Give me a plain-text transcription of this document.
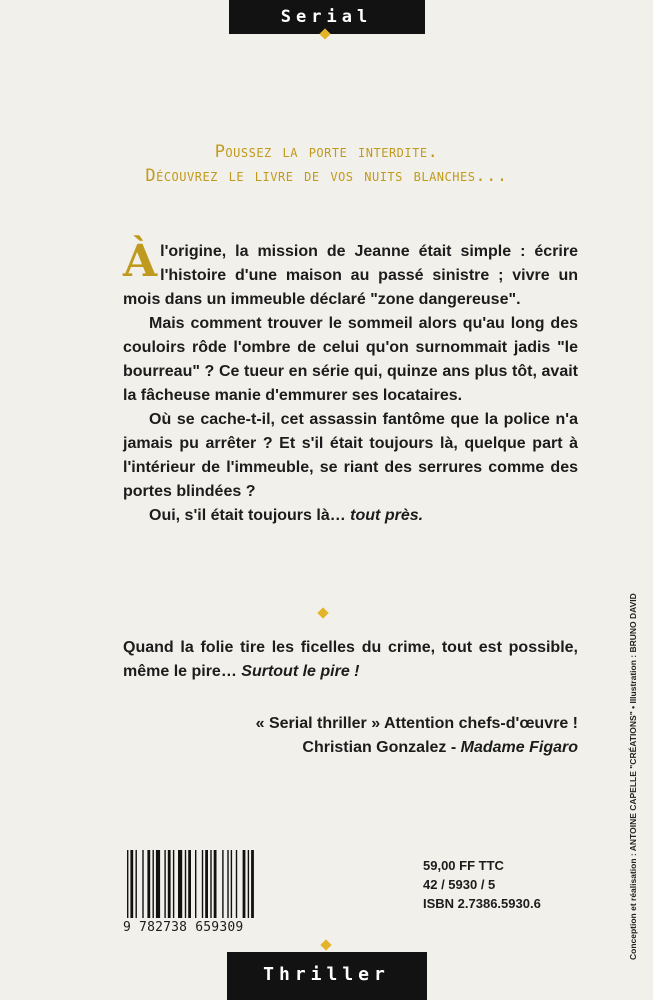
Serial
Poussez la porte interdite.
Découvrez le livre de vos nuits blanches...

À l'origine, la mission de Jeanne était simple : écrire l'histoire d'une maison au passé sinistre ; vivre un mois dans un immeuble déclaré "zone dangereuse".

Mais comment trouver le sommeil alors qu'au long des couloirs rôde l'ombre de celui qu'on surnommait jadis "le bourreau" ? Ce tueur en série qui, quinze ans plus tôt, avait la fâcheuse manie d'emmurer ses locataires.

Où se cache-t-il, cet assassin fantôme que la police n'a jamais pu arrêter ? Et s'il était toujours là, quelque part à l'intérieur de l'immeuble, se riant des serrures comme des portes blindées ?

Oui, s'il était toujours là… tout près.

Quand la folie tire les ficelles du crime, tout est possible, même le pire… Surtout le pire !

« Serial thriller » Attention chefs-d'œuvre !
Christian Gonzalez - Madame Figaro
9 782738 659309
59,00 FF TTC
42 / 5930 / 5
ISBN 2.7386.5930.6	Conception et réalisation : ANTOINE CAPELLE "CRÉATIONS" • Illustration : BRUNO DAVID
Thriller
